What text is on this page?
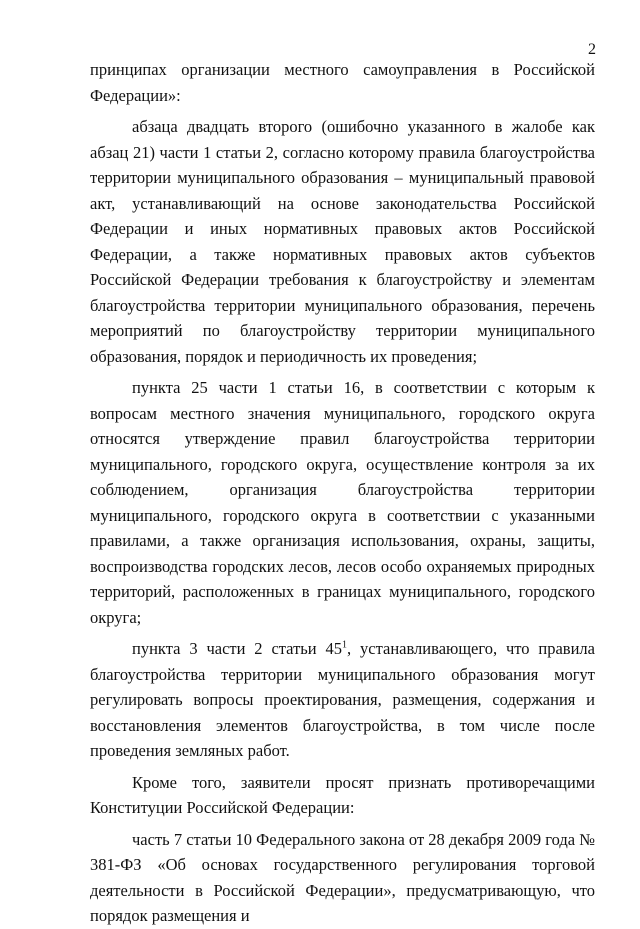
2

принципах организации местного самоуправления в Российской Федерации»:

абзаца двадцать второго (ошибочно указанного в жалобе как абзац 21) части 1 статьи 2, согласно которому правила благоустройства территории муниципального образования – муниципальный правовой акт, устанавливающий на основе законодательства Российской Федерации и иных нормативных правовых актов Российской Федерации, а также нормативных правовых актов субъектов Российской Федерации требования к благоустройству и элементам благоустройства территории муниципального образования, перечень мероприятий по благоустройству территории муниципального образования, порядок и периодичность их проведения;

пункта 25 части 1 статьи 16, в соответствии с которым к вопросам местного значения муниципального, городского округа относятся утверждение правил благоустройства территории муниципального, городского округа, осуществление контроля за их соблюдением, организация благоустройства территории муниципального, городского округа в соответствии с указанными правилами, а также организация использования, охраны, защиты, воспроизводства городских лесов, лесов особо охраняемых природных территорий, расположенных в границах муниципального, городского округа;

пункта 3 части 2 статьи $45^1$, устанавливающего, что правила благоустройства территории муниципального образования могут регулировать вопросы проектирования, размещения, содержания и восстановления элементов благоустройства, в том числе после проведения земляных работ.

Кроме того, заявители просят признать противоречащими Конституции Российской Федерации:

часть 7 статьи 10 Федерального закона от 28 декабря 2009 года № 381-ФЗ «Об основах государственного регулирования торговой деятельности в Российской Федерации», предусматривающую, что порядок размещения и
